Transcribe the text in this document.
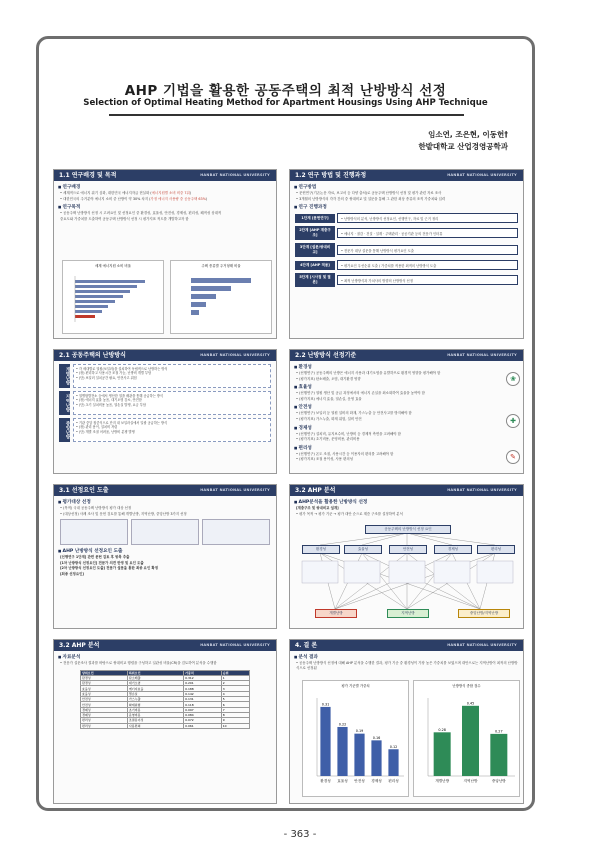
AHP 기법을 활용한 공동주택의 최적 난방방식 선정
Selection of Optimal Heating Method for Apartment Housings Using AHP Technique
임소연, 조은현, 이동헌†
한밭대학교 산업경영공학과
1.1 연구배경 및 목적	HANBAT NATIONAL UNIVERSITY
■ 연구배경
• 세계적으로 에너지 위기 심화, 대한민국 에너지자급 현실화 (에너지원별 소비 비중 7위)
• 대한민국의 주거분야 에너지 소비 중 난방이 약 30% 차지 (가정 에너지 사용량 중 공동주택 63%)
■ 연구목적
• 공동주택 난방방식 선정 시 고려요인 및 선정요인 중 환경성, 효율성, 안전성, 경제성, 편리성, 쾌적성 상대적
중요도와 가중치를 도출하여 공동주택 난방방식 선정 시 평가지표 적도를 개발하고자 함
세계 에너지원 소비 비율	주택 종류별 주거형태 비율
1.2 연구 방법 및 진행과정	HANBAT NATIONAL UNIVERSITY
■ 연구방법
• 문헌연구(기존논문 자료, 보고서 등 다양 출처)로 공동주택 난방방식 선정 및 평가 관련 자료 조사
• 3개월의 난방방식의 각각 간의 중 쌍대비교 및 설문을 통해 그 관한 최상 종류의 조직 가중치와 입력
■ 연구 진행과정
1단계 [문헌연구]	• 난방방식의 분석, 난방방식 선정요인, 선행연구, 자료 및 근거 정리
2단계 [AHP 계층구조]	• 에너지 · 절감 · 건설 · 설계 · 주택관리 · 공공기관 등의 전문가 인터뷰
3단계 [설문/쌍대비교]	• 전문가 대상 설문을 통해 난방방식 평가요인 도출
4단계 [AHP 적용]	• 평가요인 우선순위 도출 / 가중치를 적용한 최적의 난방방식 도출
5단계 [시사점 및 결론]	• 최적 난방방식과 가치사의 방향의 난방방식 선정
2.1 공동주택의 난방방식	HANBAT NATIONAL UNIVERSITY
개별난방 • 각 세대별로 열원(보일러)을 설치하여 독립적으로 난방하는 방식
• (장) 편리하고 사용시간 조절 가능, 난방비 개별 부담
• (단) 보일러 설치공간 필요, 안전사고 위험
지역난방 • 열병합발전소 등에서 생산한 열을 배관을 통해 공급하는 방식
• (장) 에너지 효율 높음, 대기오염 감소, 안전함
• (단) 초기 설치비용 높음, 열손실 발생, 요금 부담
중앙난방 • 기관 중앙 집중식으로 단지 내 보일러실에서 일괄 공급하는 방식
• (장) 관리 용이, 설치비 저렴
• (단) 개별 조절 어려움, 난방비 분쟁 발생
2.2 난방방식 선정기준	HANBAT NATIONAL UNIVERSITY
■ 환경성
• (선행연구) 공동주택의 난방은 에너지 사용과 대기오염을 유발하므로 환경적 영향을 평가해야 함
• (평가지표) 탄소배출, 오염, 대기환경 영향
■ 효율성
• (선행연구) 열원 생산 및 공급 과정에서의 에너지 손실을 최소화하여 효율을 높여야 함
• (평가지표) 에너지 효율, 열손실, 운영 효율
■ 안전성
• (선행연구) 보일러 등 열원 설비의 화재, 가스누출 등 안전사고를 방지해야 함
• (평가지표) 가스누출, 화재 위험, 설비 안전
■ 경제성
• (선행연구) 설치비, 유지보수비, 난방비 등 경제적 측면을 고려해야 함
• (평가지표) 초기비용, 운영비용, 관리비용
■ 편리성
• (선행연구) 온도 조절, 사용시간 등 이용자의 편의를 고려해야 함
• (평가지표) 조절 용이성, 사용 편의성
❀
✚
✎
3.1 선정요인 도출	HANBAT NATIONAL UNIVERSITY
■ 평가대상 선정
• (목적) 국내 공동주택 난방방식 평가 대상 선정
• (대상선정) 사례 조사 및 문헌 검토를 통해 개별난방, 지역난방, 중앙난방 3가지 선정
■ AHP 난방방식 선정요인 도출
[선행연구 1단계] 관련 문헌 검토 후 항목 추출
[1차 난방방식 선정요인] 전문가 의견 반영 및 요인 도출
[2차 난방방식 선정요인 도출] 전문가 설문을 통한 최종 요인 확정
[최종 선정요인]
3.2 AHP 분석	HANBAT NATIONAL UNIVERSITY
■ AHP분석을 활용한 난방방식 선정
[계층구조 및 쌍대비교 설계]
• 평가 목적 → 평가 기준 → 평가 대안 순으로 계층 구조를 설정하여 분석
공동주택의 난방방식 선정 요인
환경성	효율성	안전성	경제성	편리성
개별난방	지역난방	중앙난방/지역난방
3.2 AHP 분석	HANBAT NATIONAL UNIVERSITY
■ 자료분석
• 전문가 설문조사 결과를 바탕으로 쌍대비교 행렬을 구성하고 일관성 비율(CR)을 검토하여 분석을 수행함
상위요인	하위요인	가중치	순위
환경성	탄소배출	0.312	1
환경성	대기오염	0.201	2
효율성	에너지효율	0.188	3
효율성	열손실	0.142	4
안전성	가스누출	0.131	5
안전성	화재위험	0.118	6
경제성	초기비용	0.097	7
경제성	운영비용	0.084	8
편리성	조절용이성	0.072	9
편리성	사용편의	0.061	10
4. 결 론	HANBAT NATIONAL UNIVERSITY
■ 분석 결과
• 공동주택 난방방식 선정에 대해 AHP 분석을 수행한 결과, 평가 기준 중 환경성이 가장 높은 가중치를 보였으며 대안으로는 지역난방이 최적의 난방방식으로 선정됨
평가 기준별 가중치
환경성
0.31
효율성
0.22
안전성
0.19
경제성
0.16
편리성
0.12
난방방식 종합 점수
개별난방
0.28
지역난방
0.45
중앙난방
0.27
- 363 -
